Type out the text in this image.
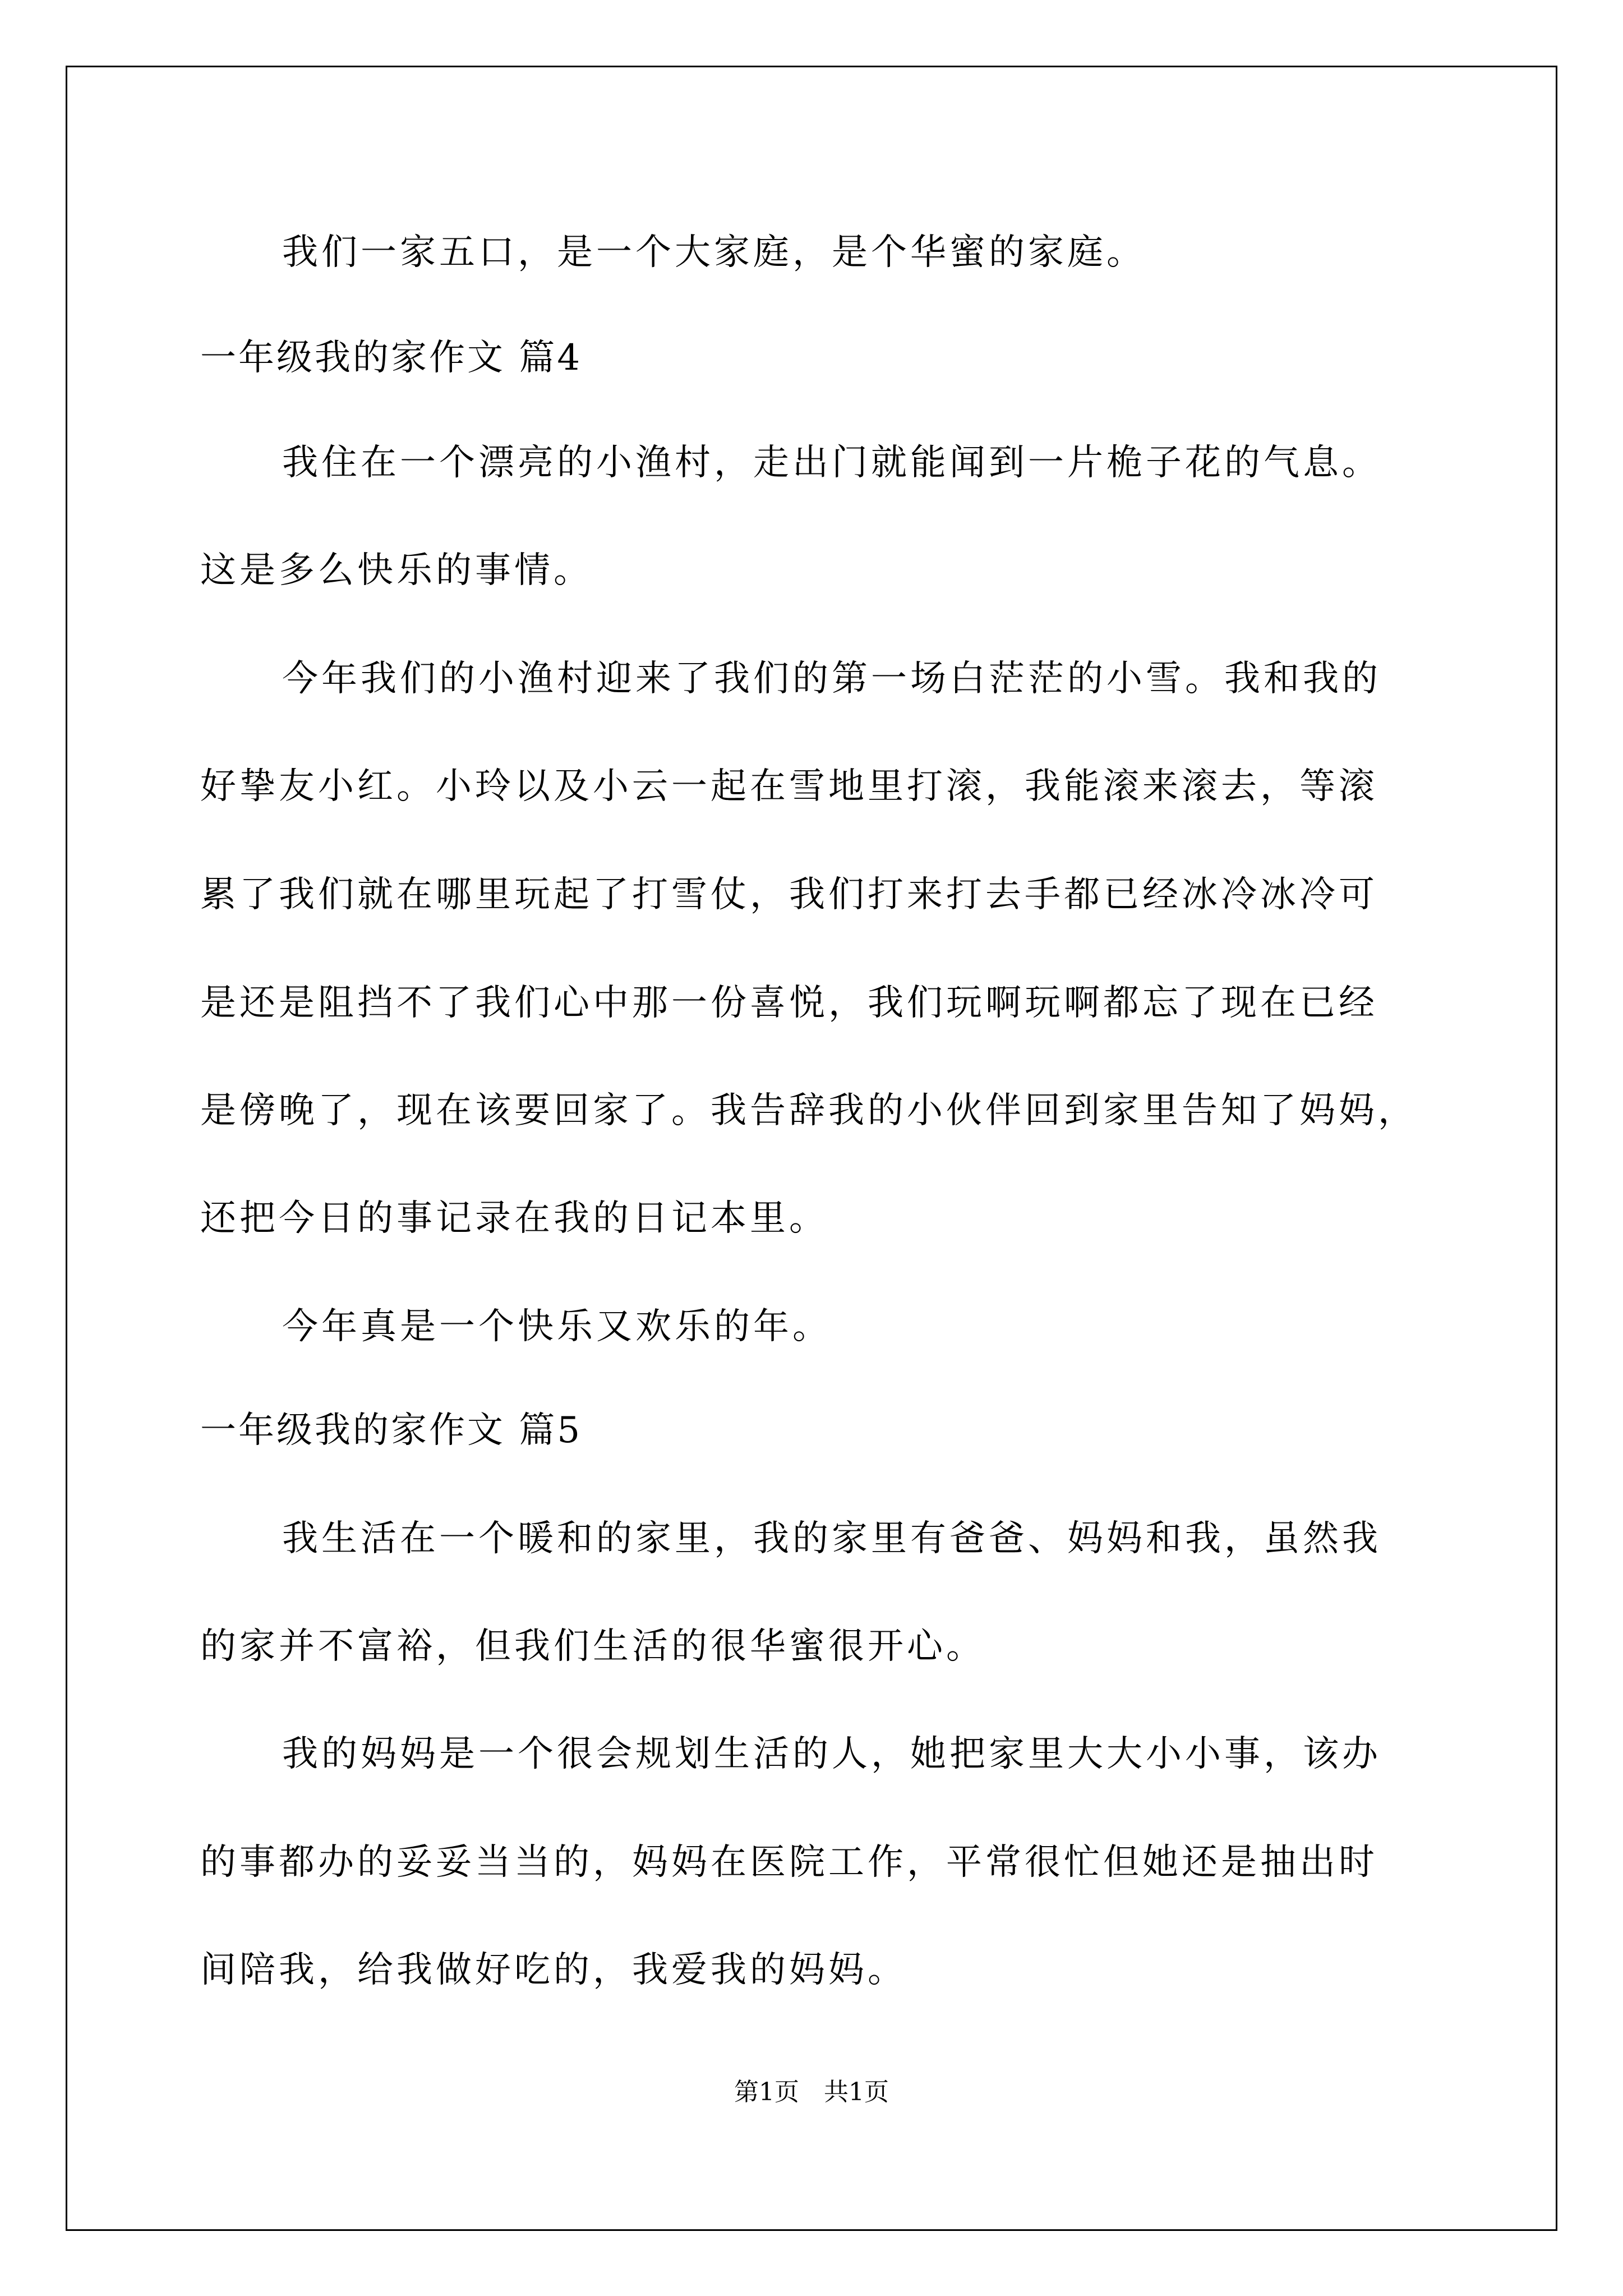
我们一家五口，是一个大家庭，是个华蜜的家庭。
一年级我的家作文 篇4
我住在一个漂亮的小渔村，走出门就能闻到一片桅子花的气息。
这是多么快乐的事情。
今年我们的小渔村迎来了我们的第一场白茫茫的小雪。我和我的
好挚友小红。小玲以及小云一起在雪地里打滚，我能滚来滚去，等滚
累了我们就在哪里玩起了打雪仗，我们打来打去手都已经冰冷冰冷可
是还是阻挡不了我们心中那一份喜悦，我们玩啊玩啊都忘了现在已经
是傍晚了，现在该要回家了。我告辞我的小伙伴回到家里告知了妈妈，
还把今日的事记录在我的日记本里。
今年真是一个快乐又欢乐的年。
一年级我的家作文 篇5
我生活在一个暖和的家里，我的家里有爸爸、妈妈和我，虽然我
的家并不富裕，但我们生活的很华蜜很开心。
我的妈妈是一个很会规划生活的人，她把家里大大小小事，该办
的事都办的妥妥当当的，妈妈在医院工作，平常很忙但她还是抽出时
间陪我，给我做好吃的，我爱我的妈妈。
第1页　共1页
